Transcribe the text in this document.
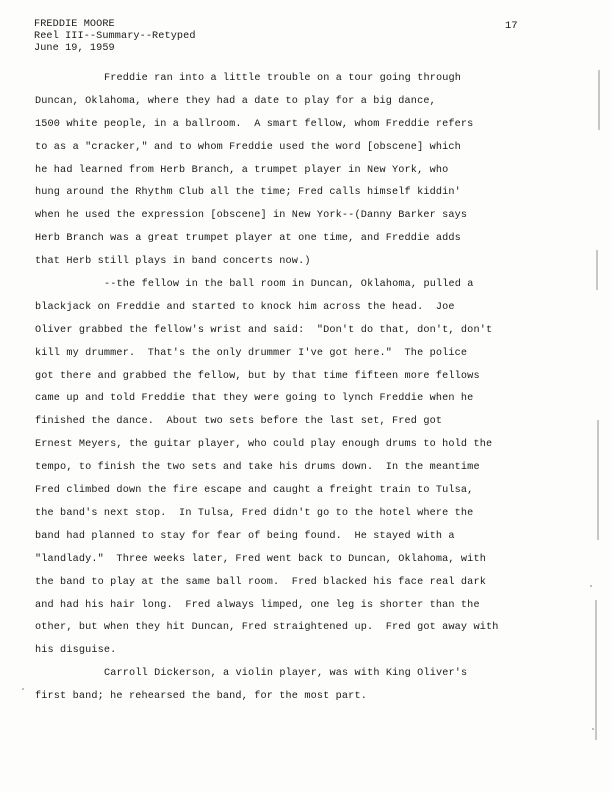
FREDDIE MOORE
Reel III--Summary--Retyped
June 19, 1959
17
Freddie ran into a little trouble on a tour going through
Duncan, Oklahoma, where they had a date to play for a big dance,
1500 white people, in a ballroom.  A smart fellow, whom Freddie refers
to as a "cracker," and to whom Freddie used the word [obscene] which
he had learned from Herb Branch, a trumpet player in New York, who
hung around the Rhythm Club all the time; Fred calls himself kiddin'
when he used the expression [obscene] in New York--(Danny Barker says
Herb Branch was a great trumpet player at one time, and Freddie adds
that Herb still plays in band concerts now.)
--the fellow in the ball room in Duncan, Oklahoma, pulled a
blackjack on Freddie and started to knock him across the head.  Joe
Oliver grabbed the fellow's wrist and said:  "Don't do that, don't, don't
kill my drummer.  That's the only drummer I've got here."  The police
got there and grabbed the fellow, but by that time fifteen more fellows
came up and told Freddie that they were going to lynch Freddie when he
finished the dance.  About two sets before the last set, Fred got
Ernest Meyers, the guitar player, who could play enough drums to hold the
tempo, to finish the two sets and take his drums down.  In the meantime
Fred climbed down the fire escape and caught a freight train to Tulsa,
the band's next stop.  In Tulsa, Fred didn't go to the hotel where the
band had planned to stay for fear of being found.  He stayed with a
"landlady."  Three weeks later, Fred went back to Duncan, Oklahoma, with
the band to play at the same ball room.  Fred blacked his face real dark
and had his hair long.  Fred always limped, one leg is shorter than the
other, but when they hit Duncan, Fred straightened up.  Fred got away with
his disguise.
Carroll Dickerson, a violin player, was with King Oliver's
first band; he rehearsed the band, for the most part.
